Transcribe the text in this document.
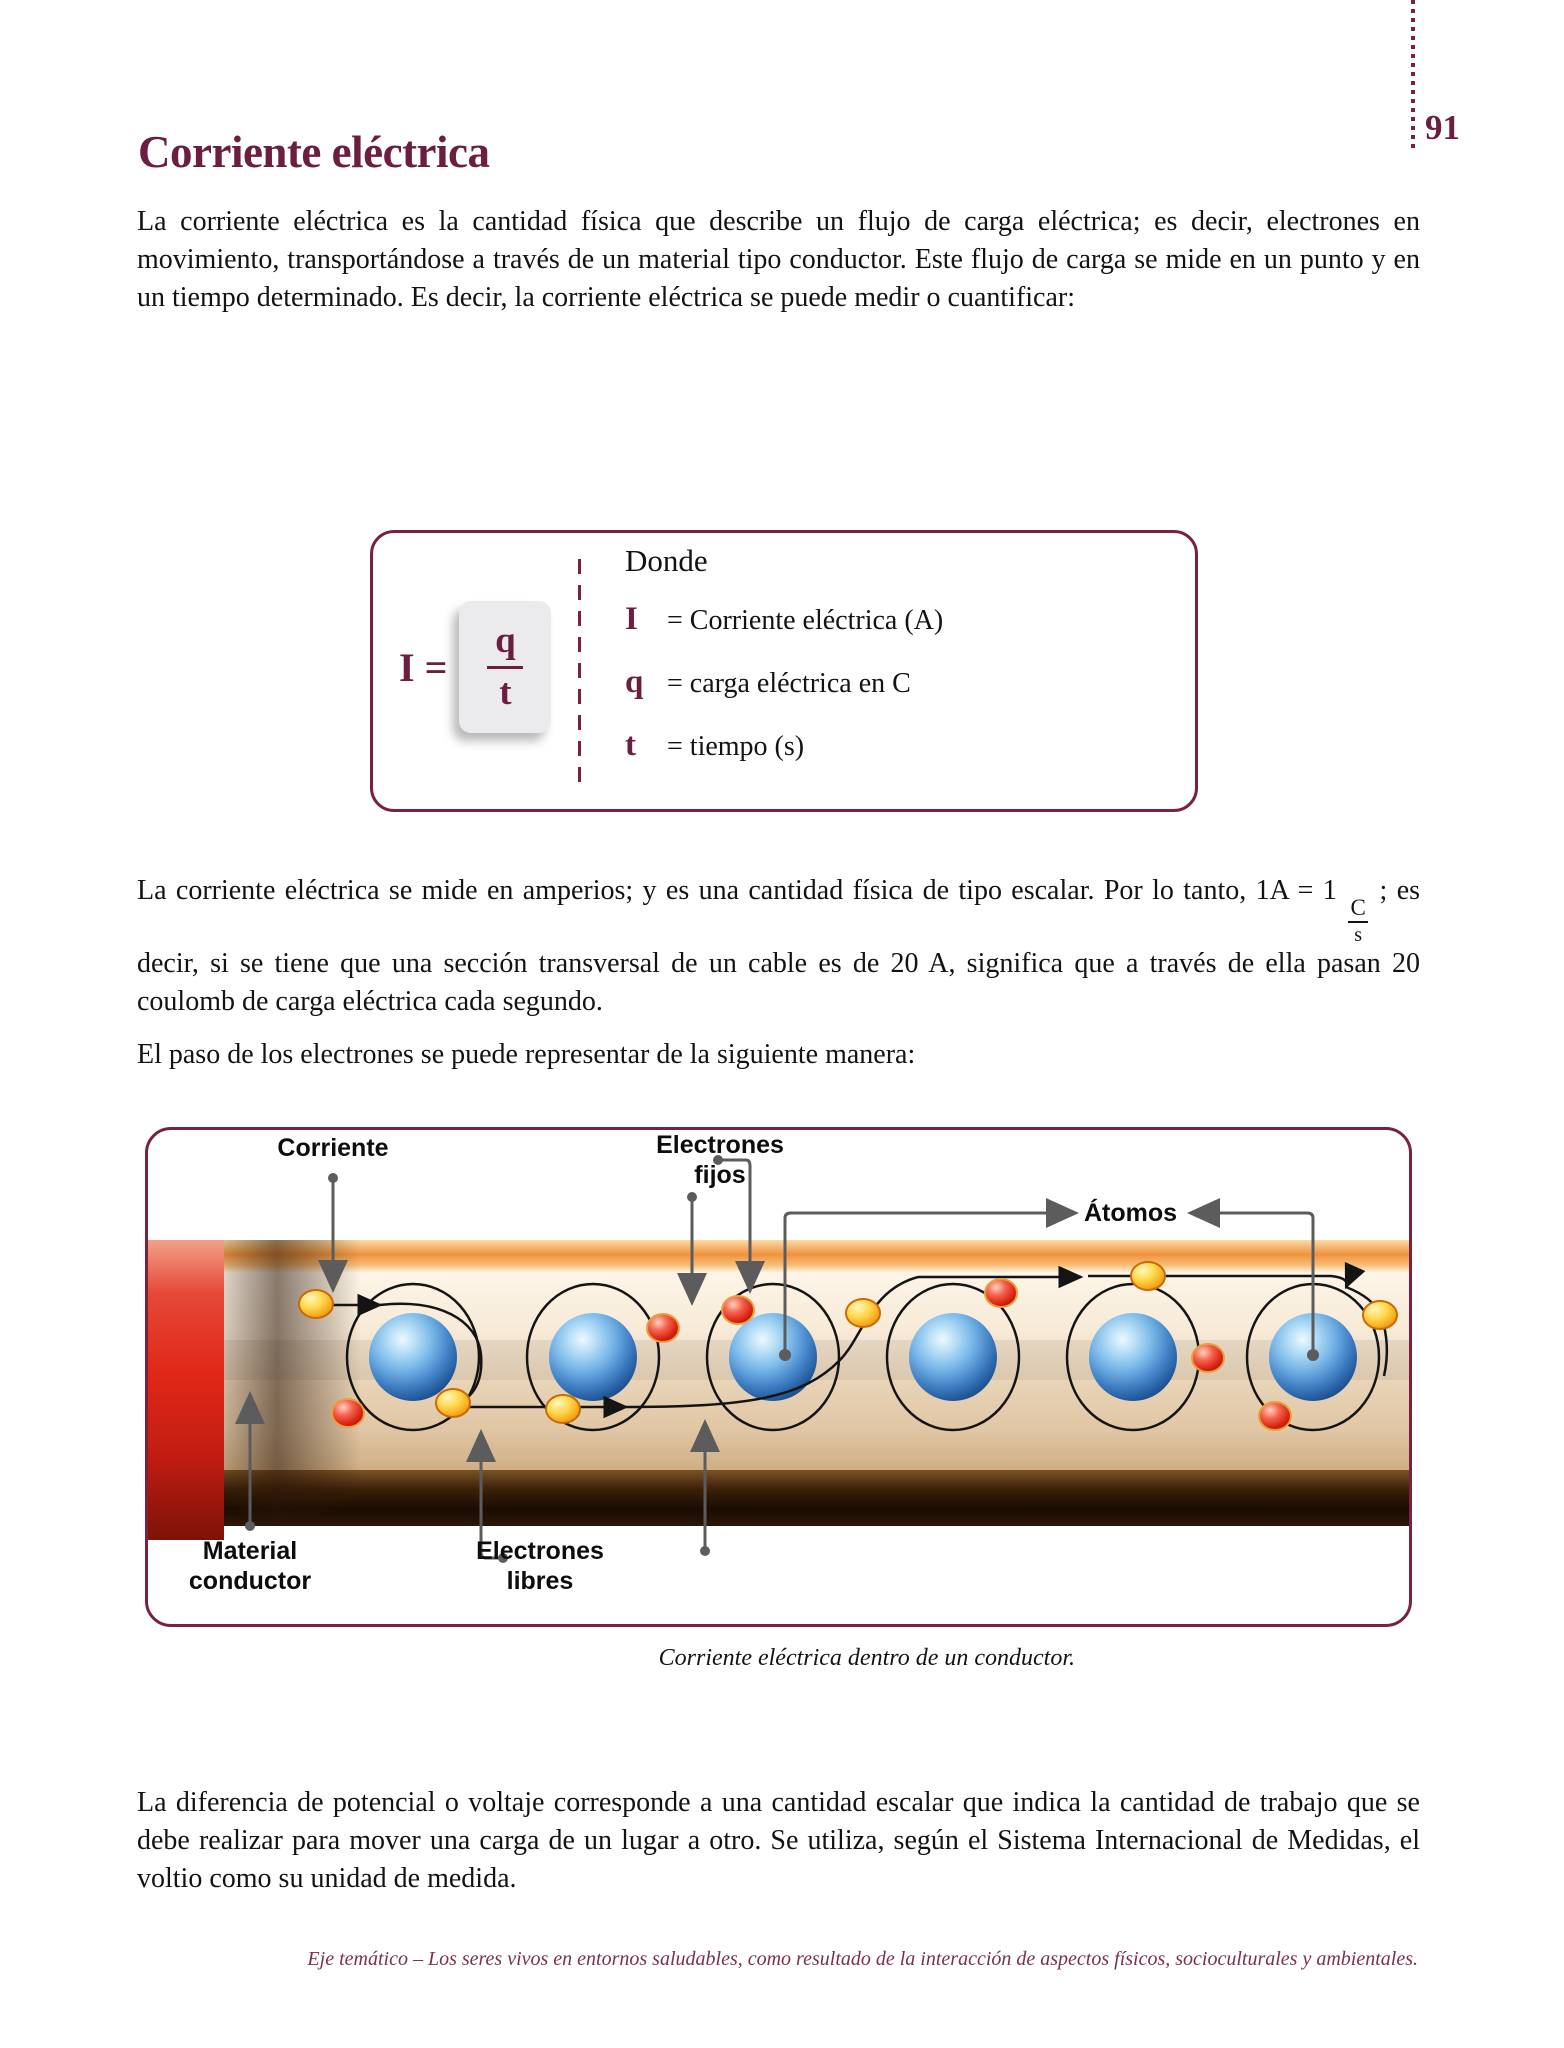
91
Corriente eléctrica

La corriente eléctrica es la cantidad física que describe un flujo de carga eléctrica; es decir, electrones en movimiento, transportándose a través de un material tipo conductor. Este flujo de carga se mide en un punto y en un tiempo determinado. Es decir, la corriente eléctrica se puede medir o cuantificar:

$I = \frac{q}{t}$
Donde
I	= Corriente eléctrica (A)
q = carga eléctrica en C
t	= tiempo (s)

La corriente eléctrica se mide en amperios; y es una cantidad física de tipo escalar. Por lo tanto, 1A = 1
$\frac{C}{s}$
; es decir, si se tiene que una sección transversal de un cable es de 20 A, significa que a través de ella pasan 20 coulomb de carga eléctrica cada segundo.

El paso de los electrones se puede representar de la siguiente manera:

Corriente	Electrones
fijos
Átomos
Material
conductor
Electrones
libres
Corriente eléctrica dentro de un conductor.

La diferencia de potencial o voltaje corresponde a una cantidad escalar que indica la cantidad de trabajo que se debe realizar para mover una carga de un lugar a otro. Se utiliza, según el Sistema Internacional de Medidas, el voltio como su unidad de medida.

Eje temático – Los seres vivos en entornos saludables, como resultado de la interacción de aspectos físicos, socioculturales y ambientales.
